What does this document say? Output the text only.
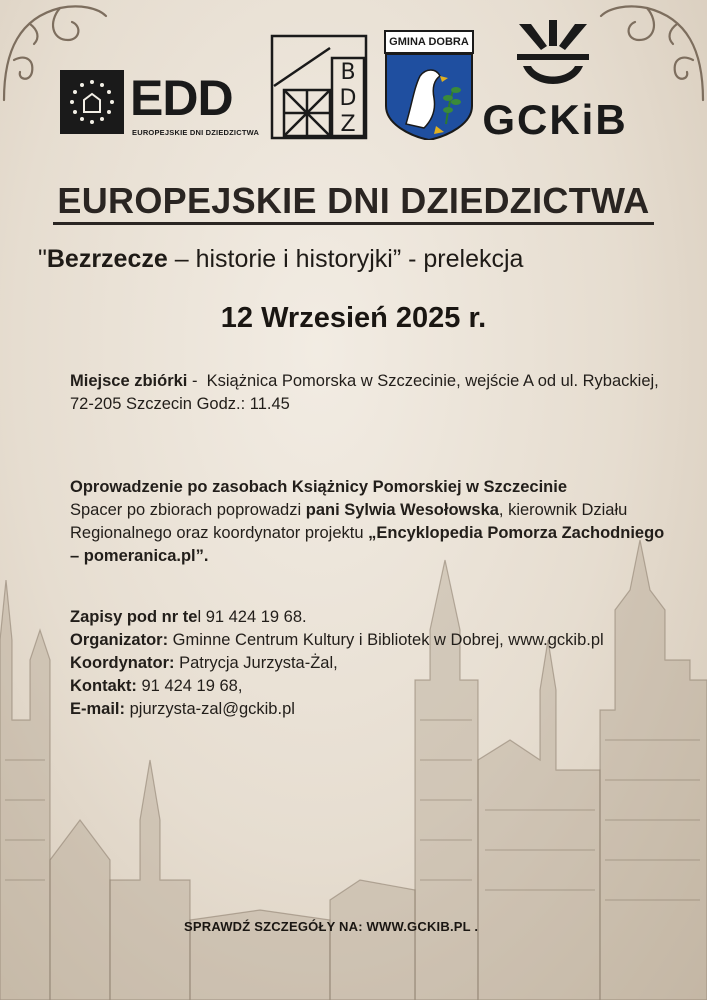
EDD
EUROPEJSKIE DNI DZIEDZICTWA
B
D
Z
GMINA DOBRA
GCKiB
EUROPEJSKIE DNI DZIEDZICTWA
"Bezrzecze – historie i historyjki” - prelekcja
12 Wrzesień 2025 r.

Miejsce zbiórki -  Książnica Pomorska w Szczecinie, wejście A od ul. Rybackiej, 72-205 Szczecin Godz.: 11.45

Oprowadzenie po zasobach Książnicy Pomorskiej w Szczecinie

Spacer po zbiorach poprowadzi pani Sylwia Wesołowska, kierownik Działu Regionalnego oraz koordynator projektu „Encyklopedia Pomorza Zachodniego – pomeranica.pl”.

Zapisy pod nr tel 91 424 19 68.

Organizator: Gminne Centrum Kultury i Bibliotek w Dobrej, www.gckib.pl

Koordynator: Patrycja Jurzysta-Żal,

Kontakt: 91 424 19 68,

E-mail: pjurzysta-zal@gckib.pl

SPRAWDŹ SZCZEGÓŁY NA: WWW.GCKIB.PL .
